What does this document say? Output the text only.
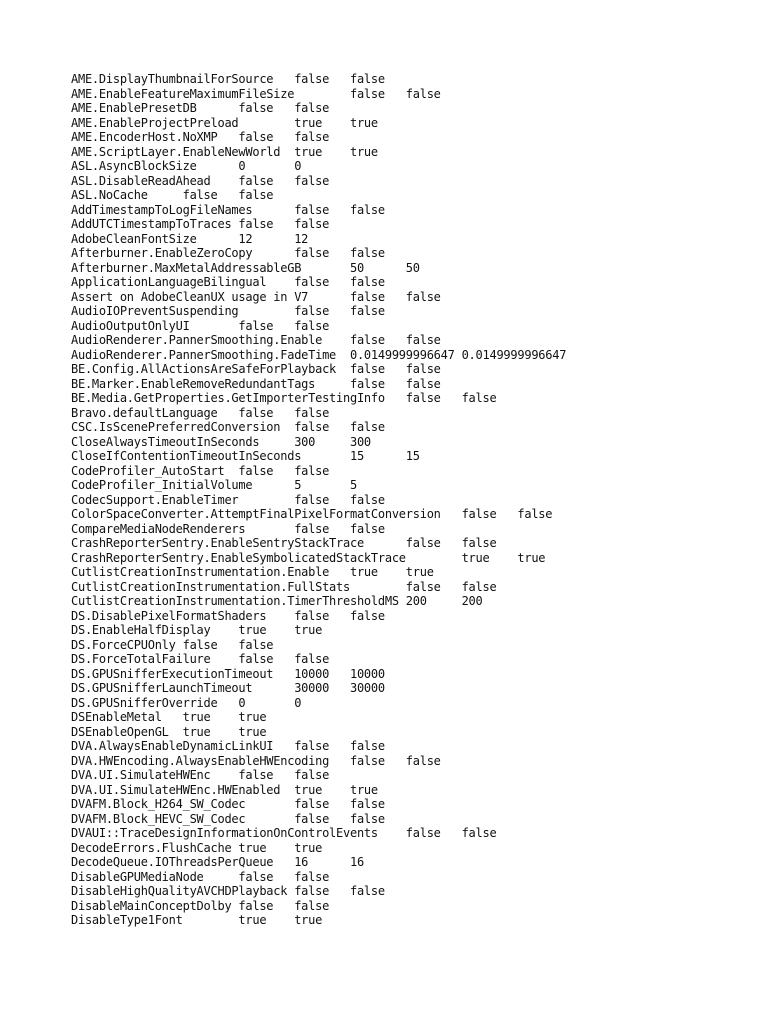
AME.DisplayThumbnailForSource	false	false
AME.EnableFeatureMaximumFileSize	false	false
AME.EnablePresetDB	false	false
AME.EnableProjectPreload	true	true
AME.EncoderHost.NoXMP	false	false
AME.ScriptLayer.EnableNewWorld	true	true
ASL.AsyncBlockSize	0	0
ASL.DisableReadAhead	false	false
ASL.NoCache	false	false
AddTimestampToLogFileNames	false	false
AddUTCTimestampToTraces	false	false
AdobeCleanFontSize	12	12
Afterburner.EnableZeroCopy	false	false
Afterburner.MaxMetalAddressableGB	50	50
ApplicationLanguageBilingual	false	false
Assert on AdobeCleanUX usage in V7	false	false
AudioIOPreventSuspending	false	false
AudioOutputOnlyUI	false	false
AudioRenderer.PannerSmoothing.Enable	false	false
AudioRenderer.PannerSmoothing.FadeTime	0.0149999996647	0.0149999996647
BE.Config.AllActionsAreSafeForPlayback	false	false
BE.Marker.EnableRemoveRedundantTags	false	false
BE.Media.GetProperties.GetImporterTestingInfo	false	false
Bravo.defaultLanguage	false	false
CSC.IsScenePreferredConversion	false	false
CloseAlwaysTimeoutInSeconds	300	300
CloseIfContentionTimeoutInSeconds	15	15
CodeProfiler_AutoStart	false	false
CodeProfiler_InitialVolume	5	5
CodecSupport.EnableTimer	false	false
ColorSpaceConverter.AttemptFinalPixelFormatConversion	false	false
CompareMediaNodeRenderers	false	false
CrashReporterSentry.EnableSentryStackTrace	false	false
CrashReporterSentry.EnableSymbolicatedStackTrace	true	true
CutlistCreationInstrumentation.Enable	true	true
CutlistCreationInstrumentation.FullStats	false	false
CutlistCreationInstrumentation.TimerThresholdMS	200	200
DS.DisablePixelFormatShaders	false	false
DS.EnableHalfDisplay	true	true
DS.ForceCPUOnly	false	false
DS.ForceTotalFailure	false	false
DS.GPUSnifferExecutionTimeout	10000	10000
DS.GPUSnifferLaunchTimeout	30000	30000
DS.GPUSnifferOverride	0	0
DSEnableMetal	true	true
DSEnableOpenGL	true	true
DVA.AlwaysEnableDynamicLinkUI	false	false
DVA.HWEncoding.AlwaysEnableHWEncoding	false	false
DVA.UI.SimulateHWEnc	false	false
DVA.UI.SimulateHWEnc.HWEnabled	true	true
DVAFM.Block_H264_SW_Codec	false	false
DVAFM.Block_HEVC_SW_Codec	false	false
DVAUI::TraceDesignInformationOnControlEvents	false	false
DecodeErrors.FlushCache	true	true
DecodeQueue.IOThreadsPerQueue	16	16
DisableGPUMediaNode	false	false
DisableHighQualityAVCHDPlayback	false	false
DisableMainConceptDolby	false	false
DisableType1Font	true	true
